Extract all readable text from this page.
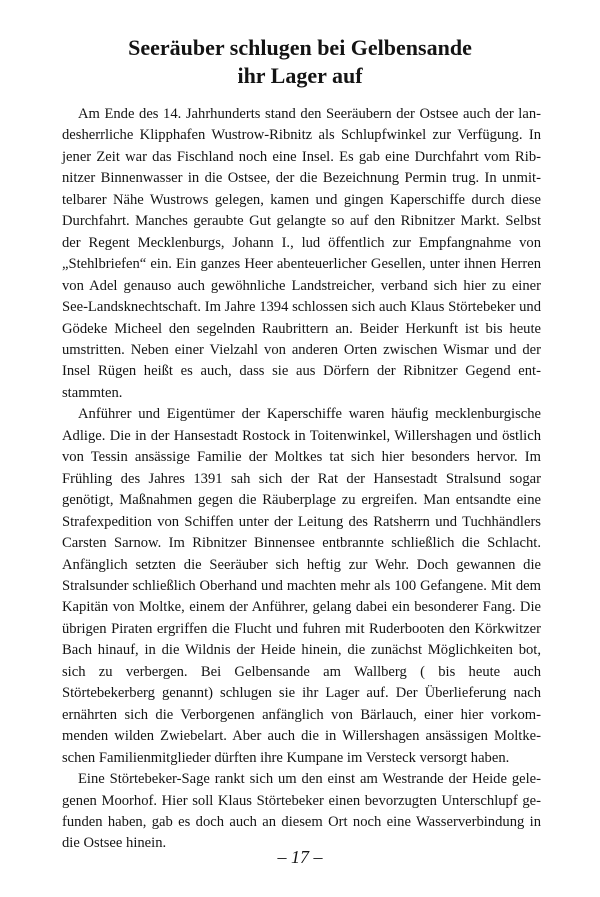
Seeräuber schlugen bei Gelbensande
ihr Lager auf

Am Ende des 14. Jahrhunderts stand den Seeräubern der Ostsee auch der landesherrliche Klipphafen Wustrow-Ribnitz als Schlupfwinkel zur Verfügung. In jener Zeit war das Fischland noch eine Insel. Es gab eine Durchfahrt vom Ribnitzer Binnenwasser in die Ostsee, der die Bezeichnung Permin trug. In unmittelbarer Nähe Wustrows gelegen, kamen und gingen Kaperschiffe durch diese Durchfahrt. Manches geraubte Gut gelangte so auf den Ribnitzer Markt. Selbst der Regent Mecklenburgs, Johann I., lud öffentlich zur Empfangnahme von „Stehlbriefen“ ein. Ein ganzes Heer abenteuerlicher Gesellen, unter ihnen Herren von Adel genauso auch gewöhnliche Landstreicher, verband sich hier zu einer See-Landsknechtschaft. Im Jahre 1394 schlossen sich auch Klaus Störtebeker und Gödeke Micheel den segelnden Raubrittern an. Beider Herkunft ist bis heute umstritten. Neben einer Vielzahl von anderen Orten zwischen Wismar und der Insel Rügen heißt es auch, dass sie aus Dörfern der Ribnitzer Gegend entstammten.

Anführer und Eigentümer der Kaperschiffe waren häufig mecklenburgische Adlige. Die in der Hansestadt Rostock in Toitenwinkel, Willershagen und östlich von Tessin ansässige Familie der Moltkes tat sich hier besonders hervor. Im Frühling des Jahres 1391 sah sich der Rat der Hansestadt Stralsund sogar genötigt, Maßnahmen gegen die Räuberplage zu ergreifen. Man entsandte eine Strafexpedition von Schiffen unter der Leitung des Ratsherrn und Tuchhändlers Carsten Sarnow. Im Ribnitzer Binnensee entbrannte schließlich die Schlacht. Anfänglich setzten die Seeräuber sich heftig zur Wehr. Doch gewannen die Stralsunder schließlich Oberhand und machten mehr als 100 Gefangene. Mit dem Kapitän von Moltke, einem der Anführer, gelang dabei ein besonderer Fang. Die übrigen Piraten ergriffen die Flucht und fuhren mit Ruderbooten den Körkwitzer Bach hinauf, in die Wildnis der Heide hinein, die zunächst Möglichkeiten bot, sich zu verbergen. Bei Gelbensande am Wallberg ( bis heute auch Störtebekerberg genannt) schlugen sie ihr Lager auf. Der Überlieferung nach ernährten sich die Verborgenen anfänglich von Bärlauch, einer hier vorkommenden wilden Zwiebelart. Aber auch die in Willershagen ansässigen Moltkeschen Familienmitglieder dürften ihre Kumpane im Versteck versorgt haben.

Eine Störtebeker-Sage rankt sich um den einst am Westrande der Heide gelegenen Moorhof. Hier soll Klaus Störtebeker einen bevorzugten Unterschlupf gefunden haben, gab es doch auch an diesem Ort noch eine Wasserverbindung in die Ostsee hinein.

– 17 –
